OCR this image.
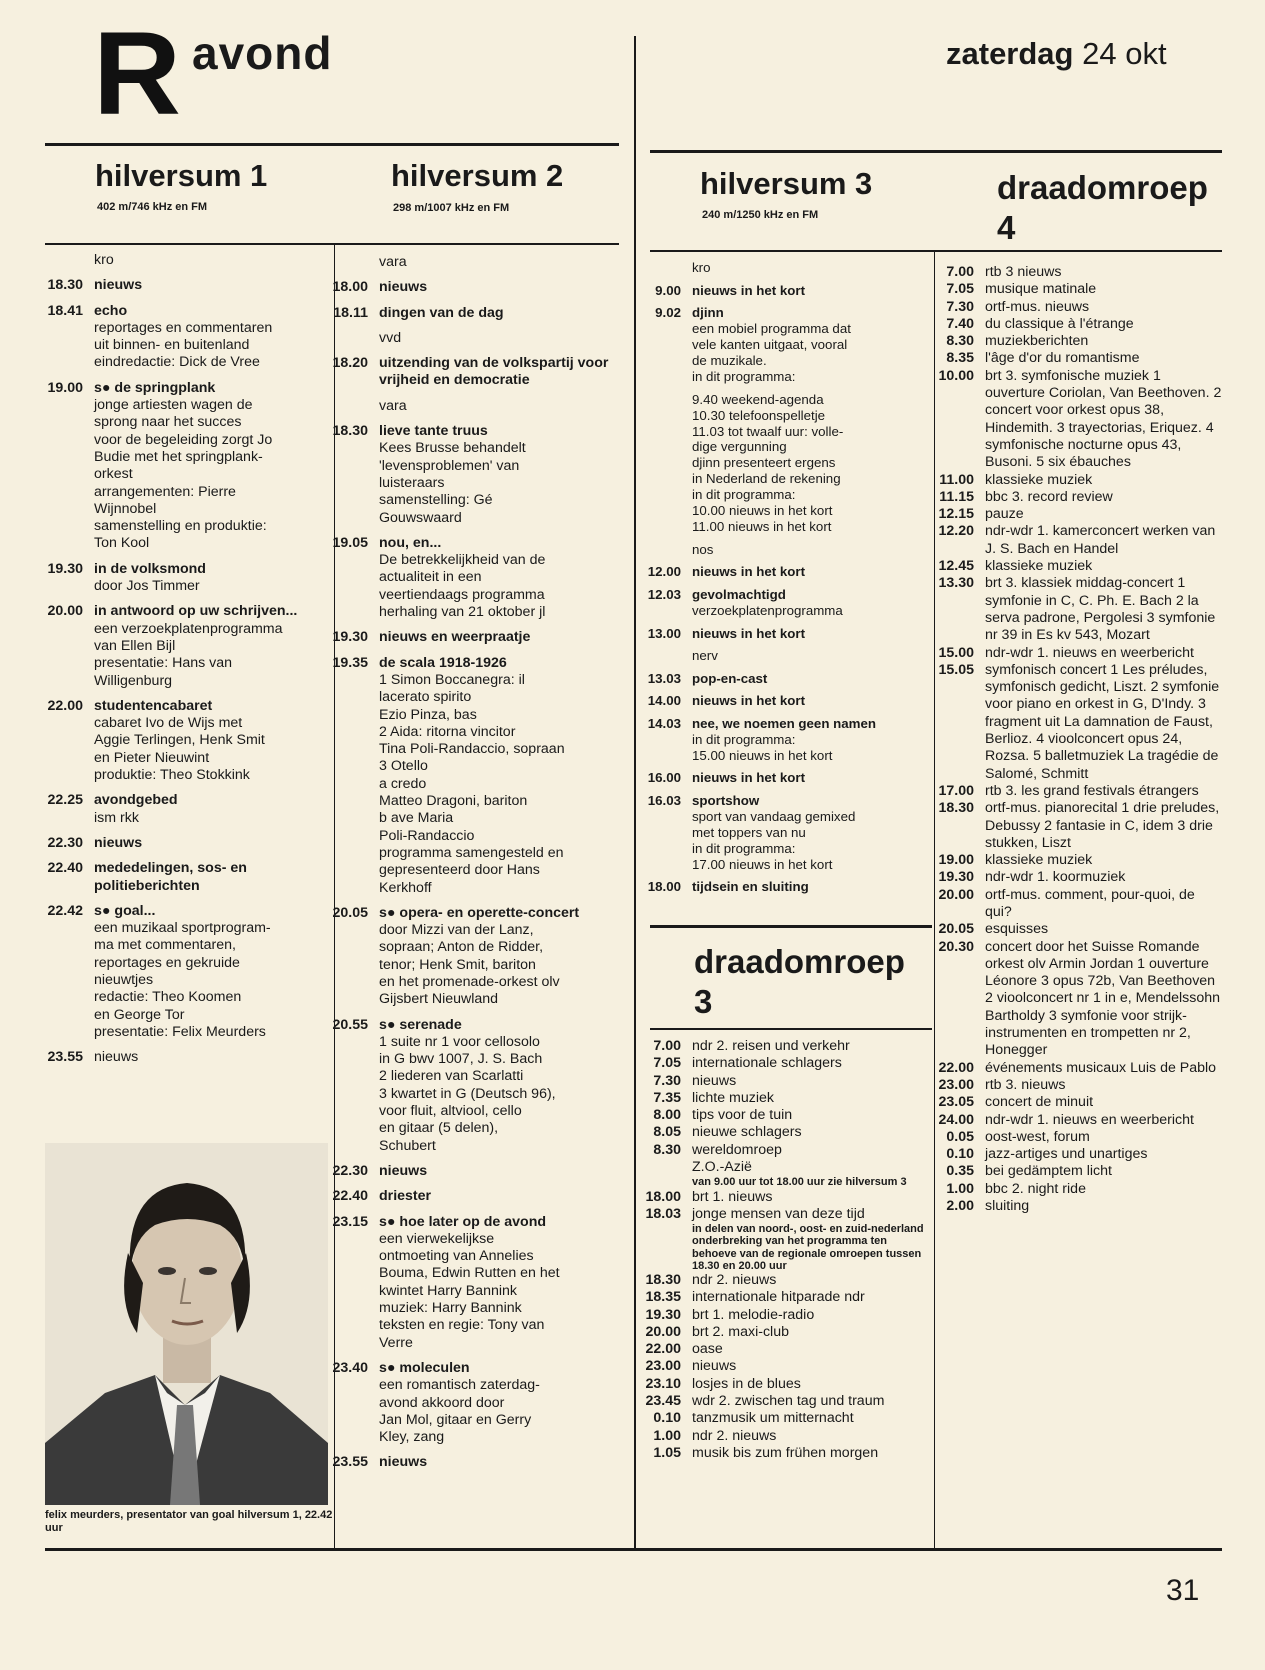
R avond	zaterdag 24 okt
hilversum 1
402 m/746 kHz en FM
hilversum 2
298 m/1007 kHz en FM
hilversum 3
240 m/1250 kHz en FM
draadomroep 4
draadomroep 3
kro
18.30 nieuws
18.41 echo
reportages en commentaren
uit binnen- en buitenland
eindredactie: Dick de Vree
19.00 s● de springplank
jonge artiesten wagen de
sprong naar het succes
voor de begeleiding zorgt Jo
Budie met het springplank-
orkest
arrangementen: Pierre
Wijnnobel
samenstelling en produktie:
Ton Kool
19.30 in de volksmond
door Jos Timmer
20.00 in antwoord op uw schrijven...
een verzoekplatenprogramma
van Ellen Bijl
presentatie: Hans van
Willigenburg
22.00 studentencabaret
cabaret Ivo de Wijs met
Aggie Terlingen, Henk Smit
en Pieter Nieuwint
produktie: Theo Stokkink
22.25 avondgebed
ism rkk
22.30 nieuws
22.40 mededelingen, sos- en politieberichten
22.42 s● goal...
een muzikaal sportprogram-
ma met commentaren,
reportages en gekruide
nieuwtjes
redactie: Theo Koomen
en George Tor
presentatie: Felix Meurders
23.55 nieuws
vara
18.00 nieuws
18.11 dingen van de dag
vvd
18.20 uitzending van de volkspartij voor vrijheid en democratie
vara
18.30 lieve tante truus
Kees Brusse behandelt
'levensproblemen' van
luisteraars
samenstelling: Gé
Gouwswaard
19.05 nou, en...
De betrekkelijkheid van de
actualiteit in een
veertiendaags programma
herhaling van 21 oktober jl
19.30 nieuws en weerpraatje
19.35 de scala 1918-1926
1 Simon Boccanegra: il
lacerato spirito
Ezio Pinza, bas
2 Aida: ritorna vincitor
Tina Poli-Randaccio, sopraan
3 Otello
a credo
Matteo Dragoni, bariton
b ave Maria
Poli-Randaccio
programma samengesteld en
gepresenteerd door Hans
Kerkhoff
20.05 s● opera- en operette-concert
door Mizzi van der Lanz,
sopraan; Anton de Ridder,
tenor; Henk Smit, bariton
en het promenade-orkest olv
Gijsbert Nieuwland
20.55 s● serenade
1 suite nr 1 voor cellosolo
in G bwv 1007, J. S. Bach
2 liederen van Scarlatti
3 kwartet in G (Deutsch 96),
voor fluit, altviool, cello
en gitaar (5 delen),
Schubert
22.30 nieuws
22.40 driester
23.15 s● hoe later op de avond
een vierwekelijkse
ontmoeting van Annelies
Bouma, Edwin Rutten en het
kwintet Harry Bannink
muziek: Harry Bannink
teksten en regie: Tony van
Verre
23.40 s● moleculen
een romantisch zaterdag-
avond akkoord door
Jan Mol, gitaar en Gerry
Kley, zang
23.55 nieuws
kro
9.00 nieuws in het kort
9.02 djinn
een mobiel programma dat
vele kanten uitgaat, vooral
de muzikale.
in dit programma:
9.40 weekend-agenda
10.30 telefoonspelletje
11.03 tot twaalf uur: volle-
dige vergunning
djinn presenteert ergens
in Nederland de rekening
in dit programma:
10.00 nieuws in het kort
11.00 nieuws in het kort
nos
12.00 nieuws in het kort
12.03 gevolmachtigd
verzoekplatenprogramma
13.00 nieuws in het kort
nerv
13.03 pop-en-cast
14.00 nieuws in het kort
14.03 nee, we noemen geen namen
in dit programma:
15.00 nieuws in het kort
16.00 nieuws in het kort
16.03 sportshow
sport van vandaag gemixed
met toppers van nu
in dit programma:
17.00 nieuws in het kort
18.00 tijdsein en sluiting
7.00 ndr 2. reisen und verkehr
7.05 internationale schlagers
7.30 nieuws
7.35 lichte muziek
8.00 tips voor de tuin
8.05 nieuwe schlagers
8.30 wereldomroep
Z.O.-Azië
van 9.00 uur tot 18.00 uur zie hilversum 3
18.00 brt 1. nieuws
18.03 jonge mensen van deze tijd
in delen van noord-, oost- en zuid-nederland onderbreking van het programma ten behoeve van de regionale omroepen tussen 18.30 en 20.00 uur
18.30 ndr 2. nieuws
18.35 internationale hitparade ndr
19.30 brt 1. melodie-radio
20.00 brt 2. maxi-club
22.00 oase
23.00 nieuws
23.10 losjes in de blues
23.45 wdr 2. zwischen tag und traum
0.10 tanzmusik um mitternacht
1.00 ndr 2. nieuws
1.05 musik bis zum frühen morgen
7.00 rtb 3 nieuws
7.05 musique matinale
7.30 ortf-mus. nieuws
7.40 du classique à l'étrange
8.30 muziekberichten
8.35 l'âge d'or du romantisme
10.00 brt 3. symfonische muziek 1 ouverture Coriolan, Van Beethoven. 2 concert voor orkest opus 38, Hindemith. 3 trayectorias, Eriquez. 4 symfonische nocturne opus 43, Busoni. 5 six ébauches
11.00 klassieke muziek
11.15 bbc 3. record review
12.15 pauze
12.20 ndr-wdr 1. kamerconcert werken van J. S. Bach en Handel
12.45 klassieke muziek
13.30 brt 3. klassiek middag-concert 1 symfonie in C, C. Ph. E. Bach 2 la serva padrone, Pergolesi 3 symfonie nr 39 in Es kv 543, Mozart
15.00 ndr-wdr 1. nieuws en weerbericht
15.05 symfonisch concert 1 Les préludes, symfonisch gedicht, Liszt. 2 symfonie voor piano en orkest in G, D'Indy. 3 fragment uit La damnation de Faust, Berlioz. 4 vioolconcert opus 24, Rozsa. 5 balletmuziek La tragédie de Salomé, Schmitt
17.00 rtb 3. les grand festivals étrangers
18.30 ortf-mus. pianorecital 1 drie preludes, Debussy 2 fantasie in C, idem 3 drie stukken, Liszt
19.00 klassieke muziek
19.30 ndr-wdr 1. koormuziek
20.00 ortf-mus. comment, pour-quoi, de qui?
20.05 esquisses
20.30 concert door het Suisse Romande orkest olv Armin Jordan 1 ouverture Léonore 3 opus 72b, Van Beethoven 2 vioolconcert nr 1 in e, Mendelssohn Bartholdy 3 symfonie voor strijk-instrumenten en trompetten nr 2, Honegger
22.00 événements musicaux Luis de Pablo
23.00 rtb 3. nieuws
23.05 concert de minuit
24.00 ndr-wdr 1. nieuws en weerbericht
0.05 oost-west, forum
0.10 jazz-artiges und unartiges
0.35 bei gedämptem licht
1.00 bbc 2. night ride
2.00 sluiting
felix meurders, presentator van goal hilversum 1, 22.42 uur
31
